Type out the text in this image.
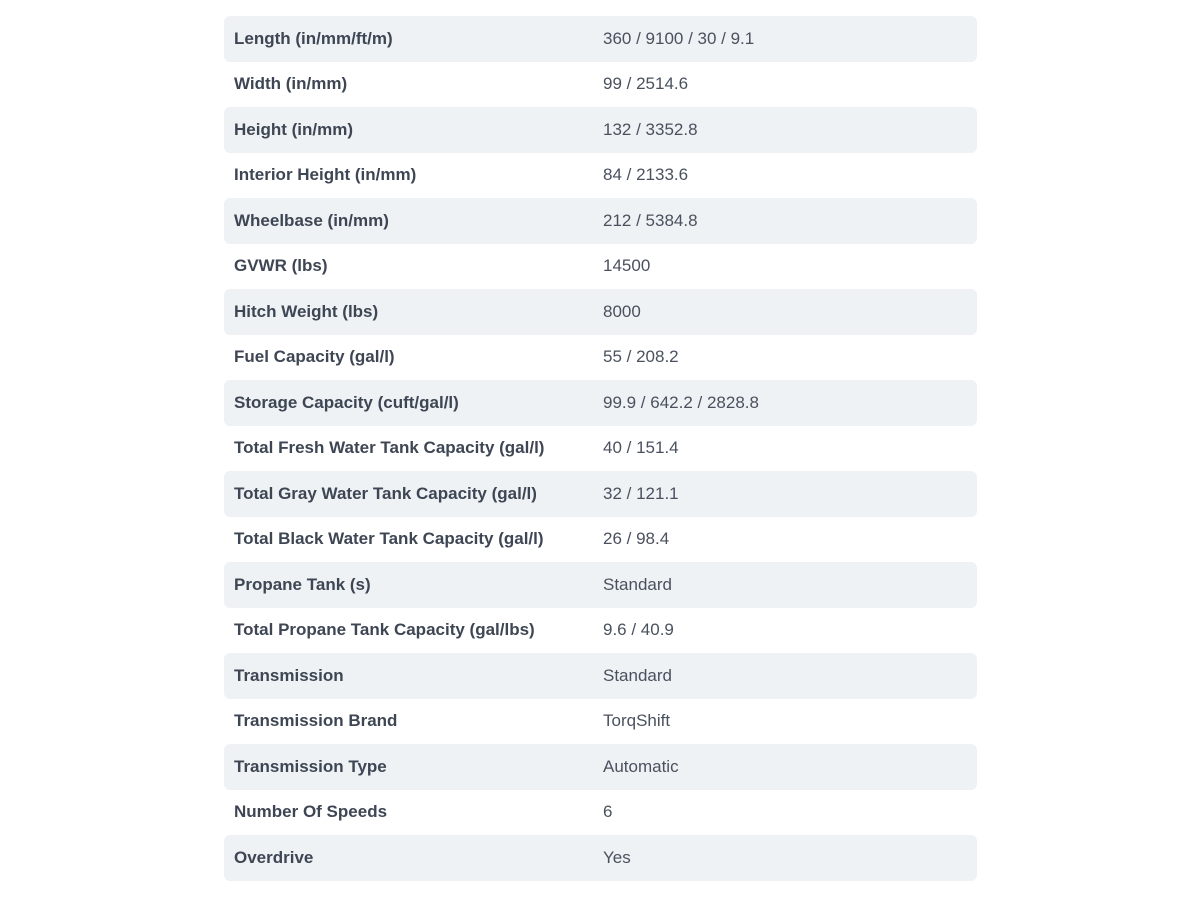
Length (in/mm/ft/m)	360 / 9100 / 30 / 9.1
Width (in/mm)	99 / 2514.6
Height (in/mm)	132 / 3352.8
Interior Height (in/mm)	84 / 2133.6
Wheelbase (in/mm)	212 / 5384.8
GVWR (lbs)	14500
Hitch Weight (lbs)	8000
Fuel Capacity (gal/l)	55 / 208.2
Storage Capacity (cuft/gal/l)	99.9 / 642.2 / 2828.8
Total Fresh Water Tank Capacity (gal/l)	40 / 151.4
Total Gray Water Tank Capacity (gal/l)	32 / 121.1
Total Black Water Tank Capacity (gal/l)	26 / 98.4
Propane Tank (s)	Standard
Total Propane Tank Capacity (gal/lbs)	9.6 / 40.9
Transmission	Standard
Transmission Brand	TorqShift
Transmission Type	Automatic
Number Of Speeds	6
Overdrive	Yes
